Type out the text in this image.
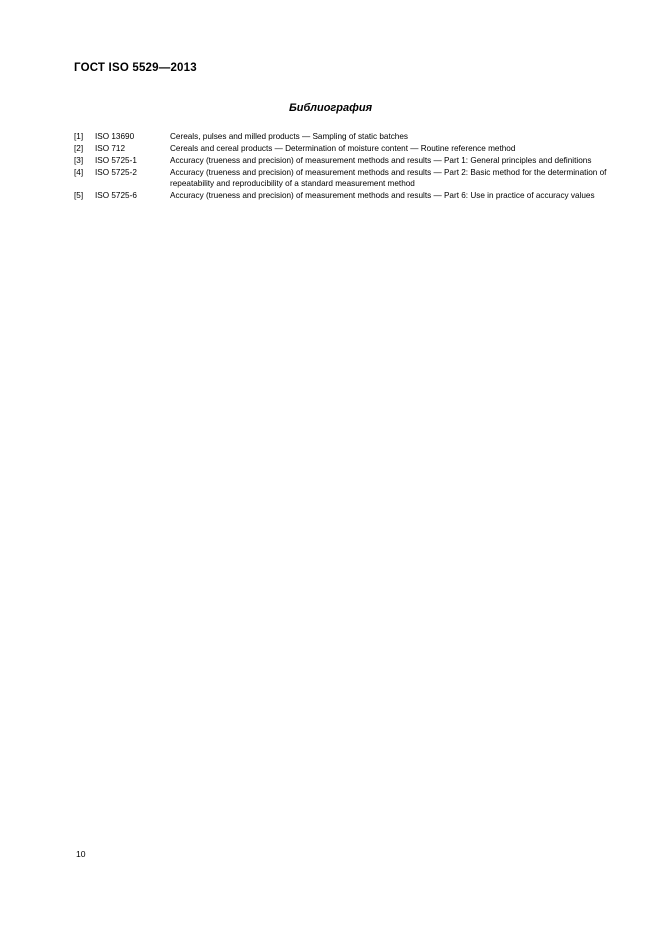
ГОСТ ISO 5529—2013
Библиография
[1]	ISO 13690	Cereals, pulses and milled products — Sampling of static batches
[2]	ISO 712	Cereals and cereal products — Determination of moisture content — Routine reference method
[3]	ISO 5725-1	Accuracy (trueness and precision) of measurement methods and results — Part 1: General principles and definitions
[4]	ISO 5725-2	Accuracy (trueness and precision) of measurement methods and results — Part 2: Basic method for the determination of repeatability and reproducibility of a standard measurement method
[5]	ISO 5725-6	Accuracy (trueness and precision) of measurement methods and results — Part 6: Use in practice of accuracy values
10
